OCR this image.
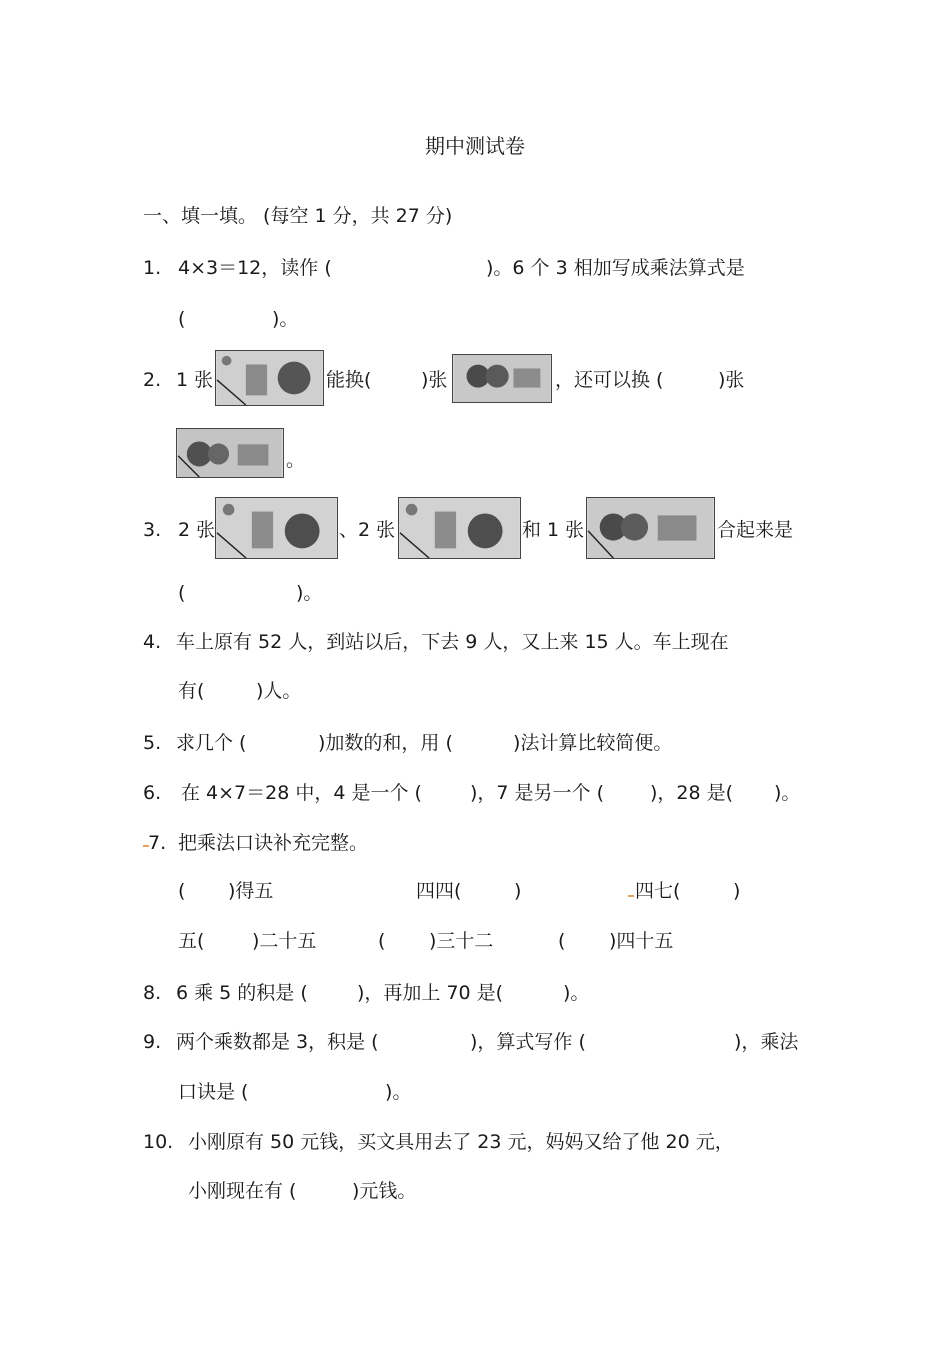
期中测试卷
一、填一填。 (每空 1 分，共 27 分)
1. 4×3＝12，读作 (	)。6 个 3 相加写成乘法算式是
(	)。
2. 1 张	能换(	)张	，还可以换 (	)张
。
3. 2 张	、2 张	和 1 张	合起来是
(	)。
4. 车上原有 52 人，到站以后，下去 9 人，又上来 15 人。车上现在
有(	)人。
5. 求几个 (	)加数的和，用 (	)法计算比较简便。
6. 在 4×7＝28 中，4 是一个 (	)，7 是另一个 ( )，28 是( )。
7. 把乘法口诀补充完整。
( )得五	四四(	)	四七(	)
五(	)二十五	( )三十二	( )四十五
8. 6 乘 5 的积是 (	)，再加上 70 是(	)。
9. 两个乘数都是 3，积是 (	)，算式写作 (	)，乘法
口诀是 (	)。
10. 小刚原有 50 元钱，买文具用去了 23 元，妈妈又给了他 20 元，
小刚现在有 (	)元钱。
